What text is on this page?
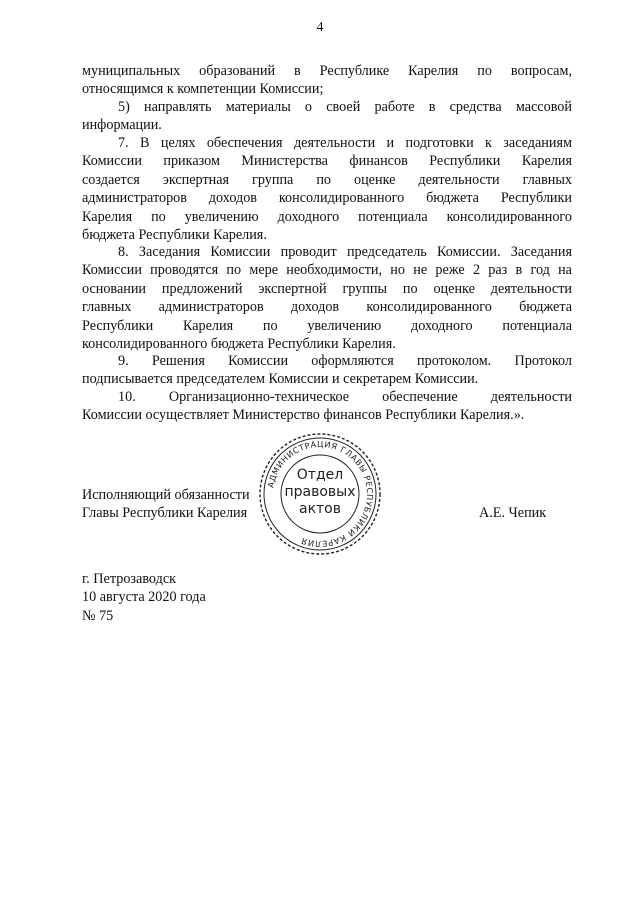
4
муниципальных образований в Республике Карелия по вопросам,
относящимся к компетенции Комиссии;
5) направлять материалы о своей работе в средства массовой
информации.
7. В целях обеспечения деятельности и подготовки к заседаниям
Комиссии приказом Министерства финансов Республики Карелия
создается экспертная группа по оценке деятельности главных
администраторов доходов консолидированного бюджета Республики
Карелия по увеличению доходного потенциала консолидированного
бюджета Республики Карелия.
8. Заседания Комиссии проводит председатель Комиссии. Заседания
Комиссии проводятся по мере необходимости, но не реже 2 раз в год на
основании предложений экспертной группы по оценке деятельности
главных администраторов доходов консолидированного бюджета
Республики Карелия по увеличению доходного потенциала
консолидированного бюджета Республики Карелия.
9. Решения Комиссии оформляются протоколом. Протокол
подписывается председателем Комиссии и секретарем Комиссии.
10. Организационно-техническое обеспечение деятельности
Комиссии осуществляет Министерство финансов Республики Карелия.».
Исполняющий обязанности
Главы Республики Карелия	А.Е. Чепик
АДМИНИСТРАЦИЯ ГЛАВЫ РЕСПУБЛИКИ КАРЕЛИЯ
Отдел
правовых
актов
г. Петрозаводск
10 августа 2020 года
№ 75
